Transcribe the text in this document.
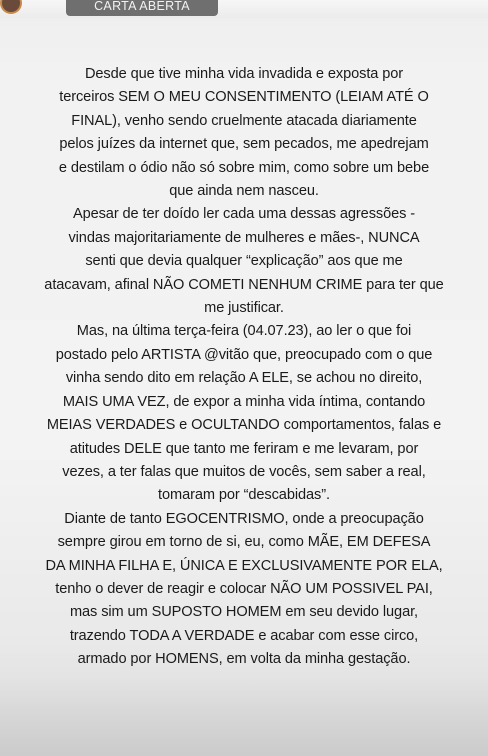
CARTA ABERTA

Desde que tive minha vida invadida e exposta por
terceiros SEM O MEU CONSENTIMENTO (LEIAM ATÉ O
FINAL), venho sendo cruelmente atacada diariamente
pelos juízes da internet que, sem pecados, me apedrejam
e destilam o ódio não só sobre mim, como sobre um bebe
que ainda nem nasceu.

Apesar de ter doído ler cada uma dessas agressões -
vindas majoritariamente de mulheres e mães-, NUNCA
senti que devia qualquer “explicação” aos que me
atacavam, afinal NÃO COMETI NENHUM CRIME para ter que
me justificar.

Mas, na última terça-feira (04.07.23), ao ler o que foi
postado pelo ARTISTA @vitão que, preocupado com o que
vinha sendo dito em relação A ELE, se achou no direito,
MAIS UMA VEZ, de expor a minha vida íntima, contando
MEIAS VERDADES e OCULTANDO comportamentos, falas e
atitudes DELE que tanto me feriram e me levaram, por
vezes, a ter falas que muitos de vocês, sem saber a real,
tomaram por “descabidas”.

Diante de tanto EGOCENTRISMO, onde a preocupação
sempre girou em torno de si, eu, como MÃE, EM DEFESA
DA MINHA FILHA E, ÚNICA E EXCLUSIVAMENTE POR ELA,
tenho o dever de reagir e colocar NÃO UM POSSIVEL PAI,
mas sim um SUPOSTO HOMEM em seu devido lugar,
trazendo TODA A VERDADE e acabar com esse circo,
armado por HOMENS, em volta da minha gestação.
